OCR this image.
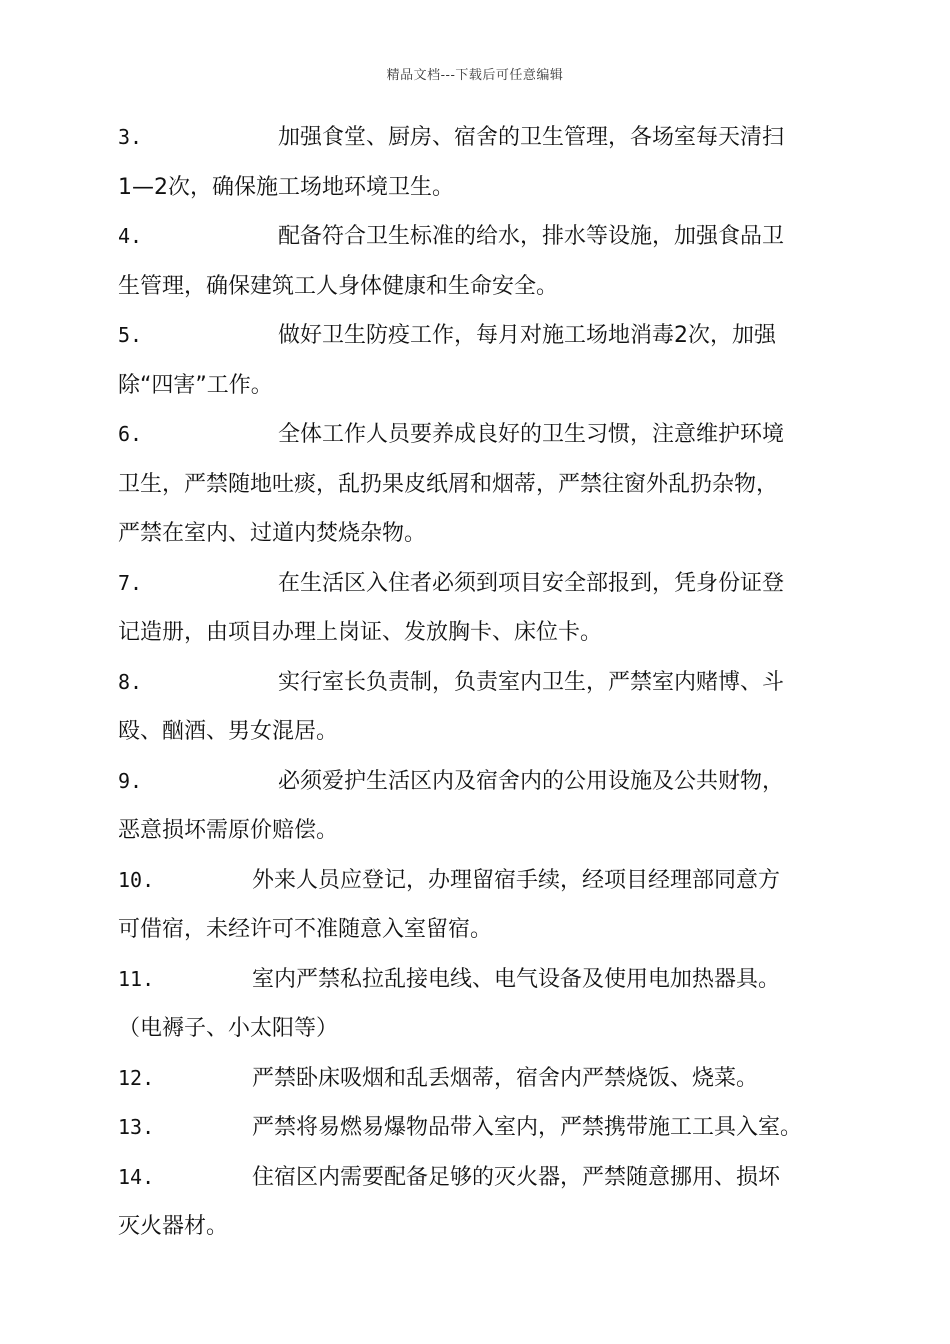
精品文档---下载后可任意编辑
3.	加强食堂、厨房、宿舍的卫生管理，各场室每天清扫
1—2次，确保施工场地环境卫生。
4.	配备符合卫生标准的给水，排水等设施，加强食品卫
生管理，确保建筑工人身体健康和生命安全。
5.	做好卫生防疫工作，每月对施工场地消毒2次，加强
除“四害”工作。
6.	全体工作人员要养成良好的卫生习惯，注意维护环境
卫生，严禁随地吐痰，乱扔果皮纸屑和烟蒂，严禁往窗外乱扔杂物，
严禁在室内、过道内焚烧杂物。
7.	在生活区入住者必须到项目安全部报到，凭身份证登
记造册，由项目办理上岗证、发放胸卡、床位卡。
8.	实行室长负责制，负责室内卫生，严禁室内赌博、斗
殴、酗酒、男女混居。
9.	必须爱护生活区内及宿舍内的公用设施及公共财物，
恶意损坏需原价赔偿。
10.	外来人员应登记，办理留宿手续，经项目经理部同意方
可借宿，未经许可不准随意入室留宿。
11.	室内严禁私拉乱接电线、电气设备及使用电加热器具。
（电褥子、小太阳等）
12.	严禁卧床吸烟和乱丢烟蒂，宿舍内严禁烧饭、烧菜。
13.	严禁将易燃易爆物品带入室内，严禁携带施工工具入室。
14.	住宿区内需要配备足够的灭火器，严禁随意挪用、损坏
灭火器材。
